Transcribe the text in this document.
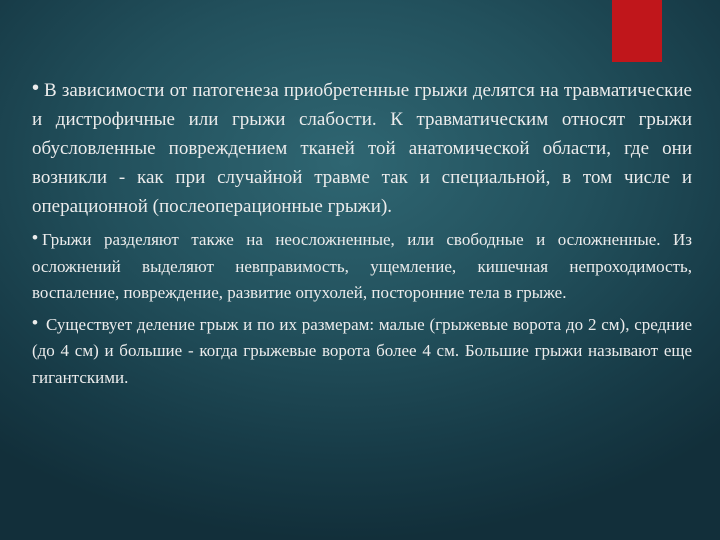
• В зависимости от патогенеза приобретенные грыжи делятся на травматические и дистрофичные или грыжи слабости. К травматическим относят грыжи обусловленные повреждением тканей той анатомической области, где они возникли - как при случайной травме так и специальной, в том числе и операционной (послеоперационные грыжи).
• Грыжи разделяют также на неосложненные, или свободные и осложненные. Из осложнений выделяют невправимость, ущемление, кишечная непроходимость, воспаление, повреждение, развитие опухолей, посторонние тела в грыже.
• Существует деление грыж и по их размерам: малые (грыжевые ворота до 2 см), средние (до 4 см) и большие - когда грыжевые ворота более 4 см. Большие грыжи называют еще гигантскими.
